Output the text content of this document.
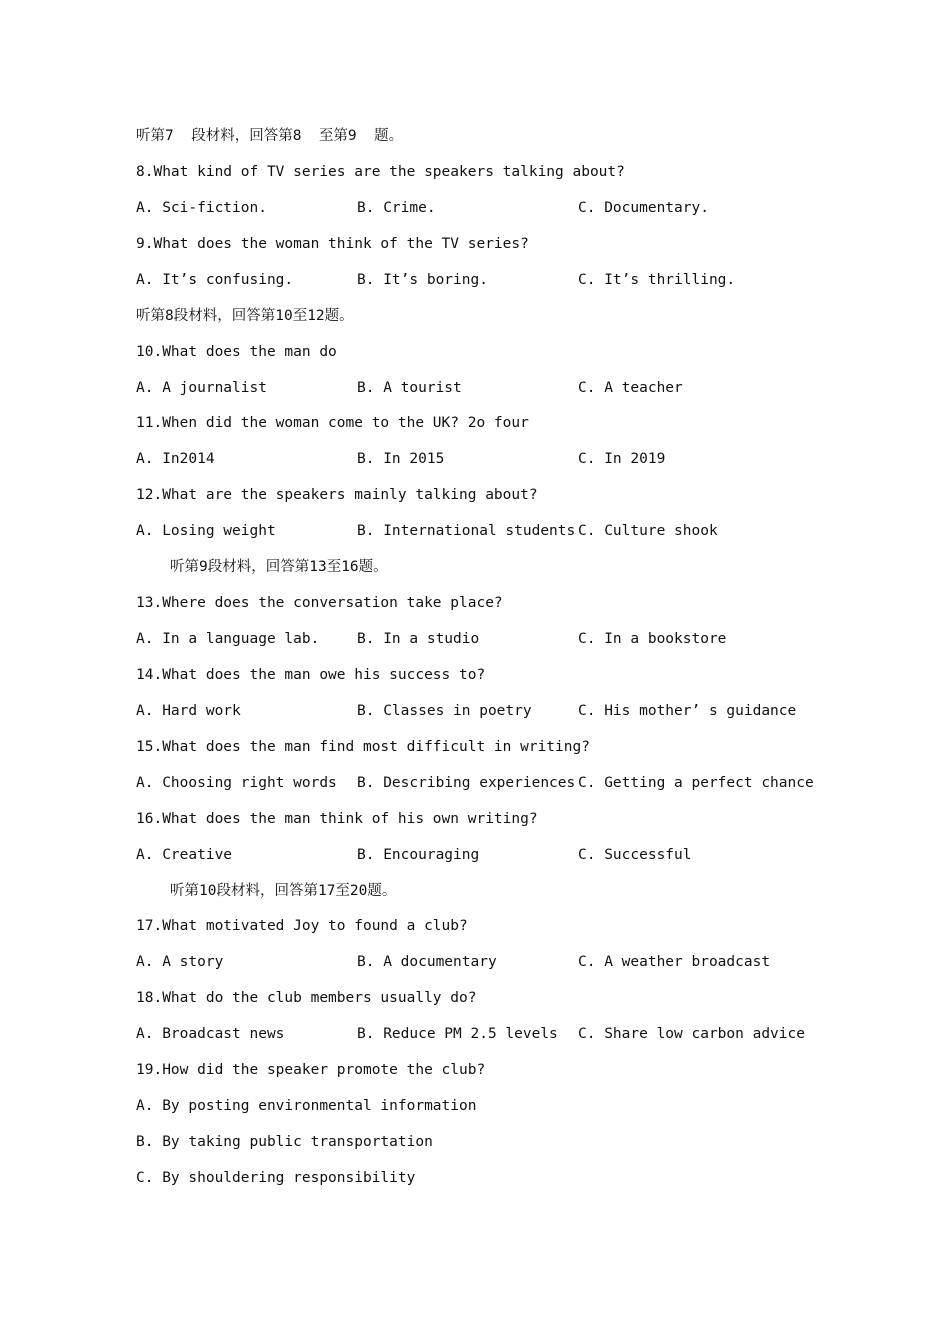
听第7  段材料，回答第8  至第9  题。
8.What kind of TV series are the speakers talking about?
A. Sci-fiction.	B. Crime.	C. Documentary.
9.What does the woman think of the TV series?
A. It’s confusing.	B. It’s boring.	C. It’s thrilling.
听第8段材料，回答第10至12题。
10.What does the man do
A. A journalist	B. A tourist	C. A teacher
11.When did the woman come to the UK? 2o four
A. In2014	B. In 2015	C. In 2019
12.What are the speakers mainly talking about?
A. Losing weight	B. International students C. Culture shook
听第9段材料，回答第13至16题。
13.Where does the conversation take place?
A. In a language lab.	B. In a studio	C. In a bookstore
14.What does the man owe his success to?
A. Hard work	B. Classes in poetry	C. His mother’ s guidance
15.What does the man find most difficult in writing?
A. Choosing right words B. Describing experiences C. Getting a perfect chance
16.What does the man think of his own writing?
A. Creative	B. Encouraging	C. Successful
听第10段材料，回答第17至20题。
17.What motivated Joy to found a club?
A. A story	B. A documentary	C. A weather broadcast
18.What do the club members usually do?
A. Broadcast news	B. Reduce PM 2.5 levels C. Share low carbon advice
19.How did the speaker promote the club?
A. By posting environmental information
B. By taking public transportation
C. By shouldering responsibility
